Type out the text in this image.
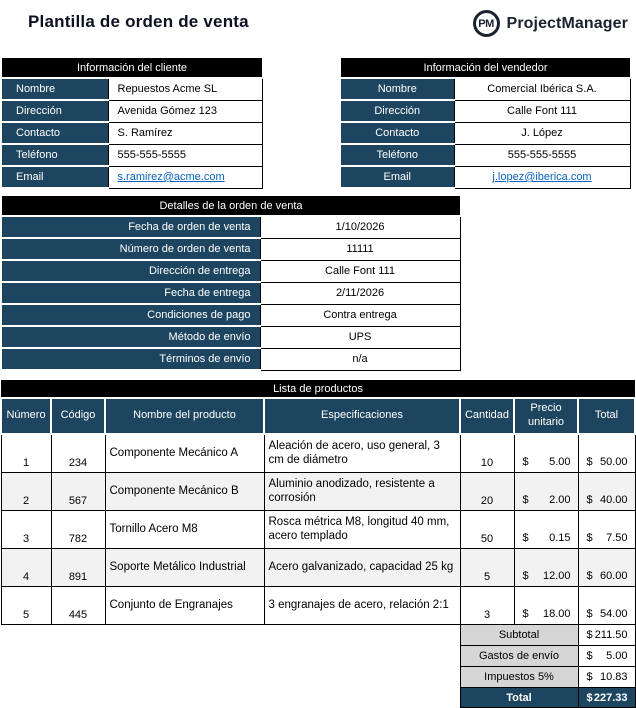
Plantilla de orden de venta	PM ProjectManager
Información del cliente	
Nombre	Repuestos Acme SL
Dirección	Avenida Gómez 123
Contacto	S. Ramírez
Teléfono	555-555-5555
Email	s.ramirez@acme.com
Información del vendedor	
Nombre	Comercial Ibérica S.A.
Dirección	Calle Font 111
Contacto	J. López
Teléfono	555-555-5555
Email	j.lopez@iberica.com
Detalles de la orden de venta	
Fecha de orden de venta	1/10/2026
Número de orden de venta	11111
Dirección de entrega	Calle Font 111
Fecha de entrega	2/11/2026
Condiciones de pago	Contra entrega
Método de envío	UPS
Términos de envío	n/a
Lista de productos						
Número	Código	Nombre del producto	Especificaciones	Cantidad	Precio unitario	Total
1	234	Componente Mecánico A	Aleación de acero, uso general, 3 cm de diámetro	10	$ 5.00	$ 50.00

2	567	Componente Mecánico B	Aluminio anodizado, resistente a corrosión	20	$ 2.00	$ 40.00

3	782	Tornillo Acero M8	Rosca métrica M8, longitud 40 mm, acero templado	50	$ 0.15	$ 7.50

4	891	Soporte Metálico Industrial	Acero galvanizado, capacidad 25 kg	5	$ 12.00	$ 60.00

5	445	Conjunto de Engranajes	3 engranajes de acero, relación 2:1	3	$ 18.00	$ 54.00

				Subtotal		$ 211.50

				Gastos de envío		$ 5.00

				Impuestos 5%		$ 10.83

				Total		$ 227.33
